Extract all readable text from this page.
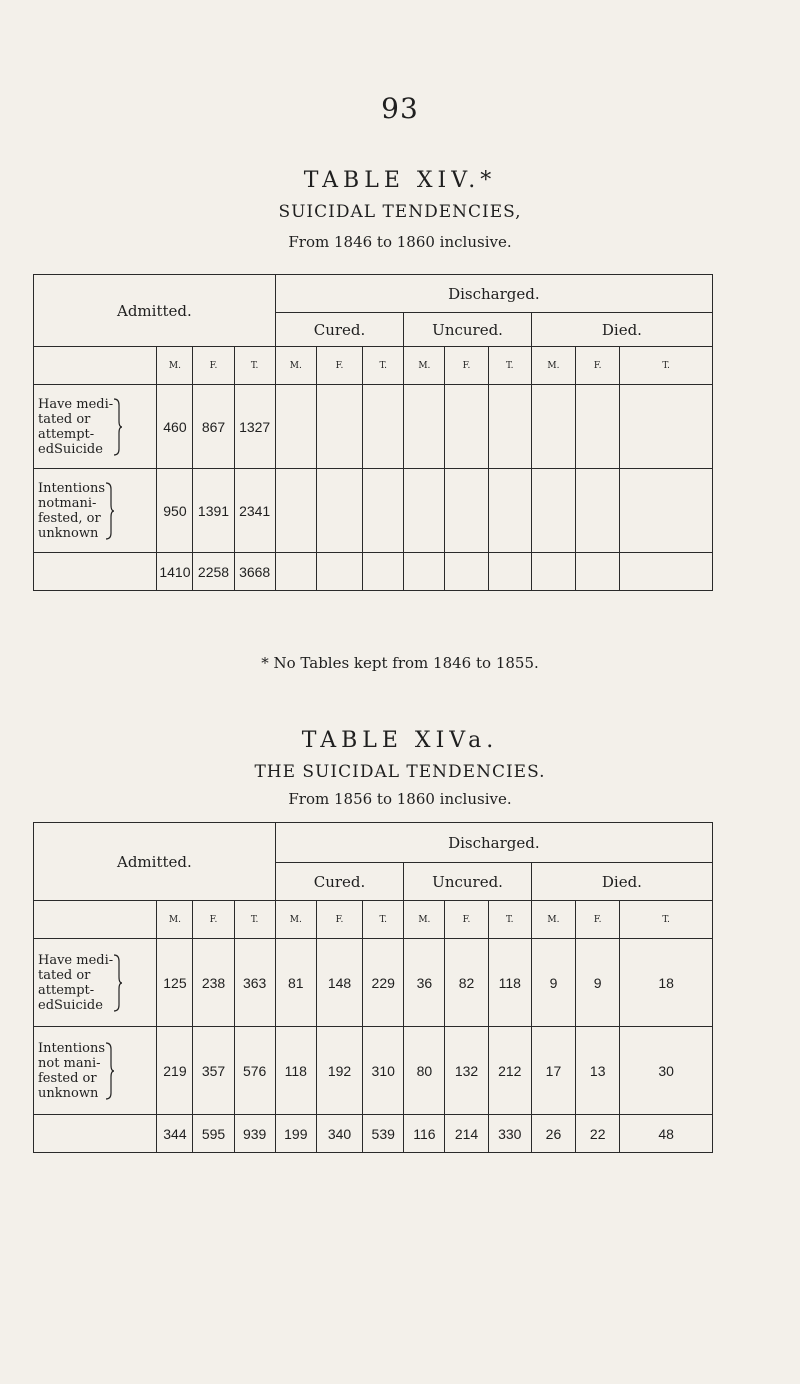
93
TABLE XIV.*
SUICIDAL TENDENCIES,
From 1846 to 1860 inclusive.
Admitted.				Discharged.								
				Cured.			Uncured.			Died.		
	M.	F.	T.	M.	F.	T.	M.	F.	T.	M.	F.	T.

Have medi-
tated or
attempt-
edSuicide	460	867	1327									

Intentions
notmani-
fested, or
unknown	950	1391	2341									
	1410	2258	3668									
* No Tables kept from 1846 to 1855.
TABLE XIVa.
THE SUICIDAL TENDENCIES.
From 1856 to 1860 inclusive.
Admitted.				Discharged.								
				Cured.			Uncured.			Died.		
	M.	F.	T.	M.	F.	T.	M.	F.	T.	M.	F.	T.

Have medi-
tated or
attempt-
edSuicide	125	238	363	81	148	229	36	82	118	9	9	18

Intentions
not mani-
fested or
unknown	219	357	576	118	192	310	80	132	212	17	13	30
	344	595	939	199	340	539	116	214	330	26	22	48
